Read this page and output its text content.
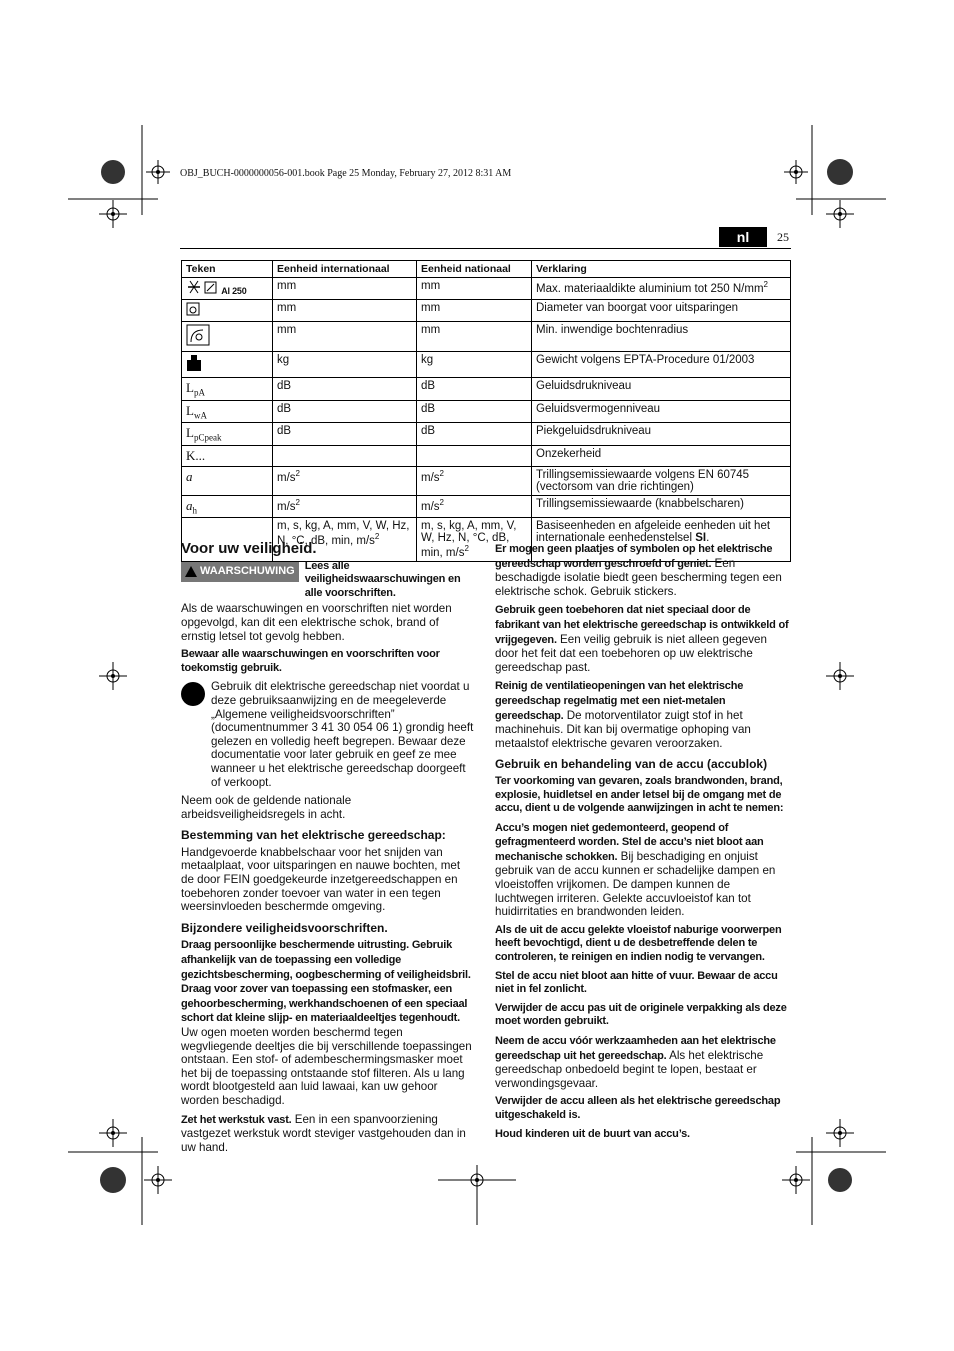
OBJ_BUCH-0000000056-001.book Page 25 Monday, February 27, 2012 8:31 AM
nl	25
Teken	Eenheid internationaal	Eenheid nationaal	Verklaring
Al 250	mm	mm	Max. materiaaldikte aluminium tot 250 $N/mm^2$
	mm	mm	Diameter van boorgat voor uitsparingen
	mm	mm	Min. inwendige bochtenradius
	kg	kg	Gewicht volgens EPTA-Procedure 01/2003
$L_{pA}$	dB	dB	Geluidsdrukniveau
$L_{wA}$	dB	dB	Geluidsvermogenniveau
$L_{pCpeak}$	dB	dB	Piekgeluidsdrukniveau
K...			Onzekerheid
a	$m/s^2$	$m/s^2$	Trillingsemissiewaarde volgens EN 60745 (vectorsom van drie richtingen)
$a_h$	$m/s^2$	$m/s^2$	Trillingsemissiewaarde (knabbelscharen)
	m, s, kg, A, mm, V, W, Hz, N, °C, dB, min, $m/s^2$	m, s, kg, A, mm, V, W, Hz, N, °C, dB, min, $m/s^2$	Basiseenheden en afgeleide eenheden uit het internationale eenhedenstelsel SI.
Voor uw veiligheid.
WAARSCHUWING Lees alle veiligheidswaarschuwingen en alle voorschriften.

Als de waarschuwingen en voorschriften niet worden opgevolgd, kan dit een elektrische schok, brand of ernstig letsel tot gevolg hebben.

Bewaar alle waarschuwingen en voorschriften voor toekomstig gebruik.

Gebruik dit elektrische gereedschap niet voordat u deze gebruiksaanwijzing en de meegeleverde „Algemene veiligheidsvoorschriften” (documentnummer 3 41 30 054 06 1) grondig heeft gelezen en volledig heeft begrepen. Bewaar deze documentatie voor later gebruik en geef ze mee wanneer u het elektrische gereedschap doorgeeft of verkoopt.

Neem ook de geldende nationale arbeidsveiligheidsregels in acht.

Bestemming van het elektrische gereedschap:

Handgevoerde knabbelschaar voor het snijden van metaalplaat, voor uitsparingen en nauwe bochten, met de door FEIN goedgekeurde inzetgereedschappen en toebehoren zonder toevoer van water in een tegen weersinvloeden beschermde omgeving.

Bijzondere veiligheidsvoorschriften.

Draag persoonlijke beschermende uitrusting. Gebruik afhankelijk van de toepassing een volledige gezichtsbescherming, oogbescherming of veiligheidsbril. Draag voor zover van toepassing een stofmasker, een gehoorbescherming, werkhandschoenen of een speciaal schort dat kleine slijp- en materiaaldeeltjes tegenhoudt. Uw ogen moeten worden beschermd tegen wegvliegende deeltjes die bij verschillende toepassingen ontstaan. Een stof- of adembeschermingsmasker moet het bij de toepassing ontstaande stof filteren. Als u lang wordt blootgesteld aan luid lawaai, kan uw gehoor worden beschadigd.

Zet het werkstuk vast. Een in een spanvoorziening vastgezet werkstuk wordt steviger vastgehouden dan in uw hand.

Er mogen geen plaatjes of symbolen op het elektrische gereedschap worden geschroefd of geniet. Een beschadigde isolatie biedt geen bescherming tegen een elektrische schok. Gebruik stickers.

Gebruik geen toebehoren dat niet speciaal door de fabrikant van het elektrische gereedschap is ontwikkeld of vrijgegeven. Een veilig gebruik is niet alleen gegeven door het feit dat een toebehoren op uw elektrische gereedschap past.

Reinig de ventilatieopeningen van het elektrische gereedschap regelmatig met een niet-metalen gereedschap. De motorventilator zuigt stof in het machinehuis. Dit kan bij overmatige ophoping van metaalstof elektrische gevaren veroorzaken.

Gebruik en behandeling van de accu (accublok)

Ter voorkoming van gevaren, zoals brandwonden, brand, explosie, huidletsel en ander letsel bij de omgang met de accu, dient u de volgende aanwijzingen in acht te nemen:

Accu’s mogen niet gedemonteerd, geopend of gefragmenteerd worden. Stel de accu’s niet bloot aan mechanische schokken. Bij beschadiging en onjuist gebruik van de accu kunnen er schadelijke dampen en vloeistoffen vrijkomen. De dampen kunnen de luchtwegen irriteren. Gelekte accuvloeistof kan tot huidirritaties en brandwonden leiden.

Als de uit de accu gelekte vloeistof naburige voorwerpen heeft bevochtigd, dient u de desbetreffende delen te controleren, te reinigen en indien nodig te vervangen.

Stel de accu niet bloot aan hitte of vuur. Bewaar de accu niet in fel zonlicht.

Verwijder de accu pas uit de originele verpakking als deze moet worden gebruikt.

Neem de accu vóór werkzaamheden aan het elektrische gereedschap uit het gereedschap. Als het elektrische gereedschap onbedoeld begint te lopen, bestaat er verwondingsgevaar.

Verwijder de accu alleen als het elektrische gereedschap uitgeschakeld is.

Houd kinderen uit de buurt van accu’s.
